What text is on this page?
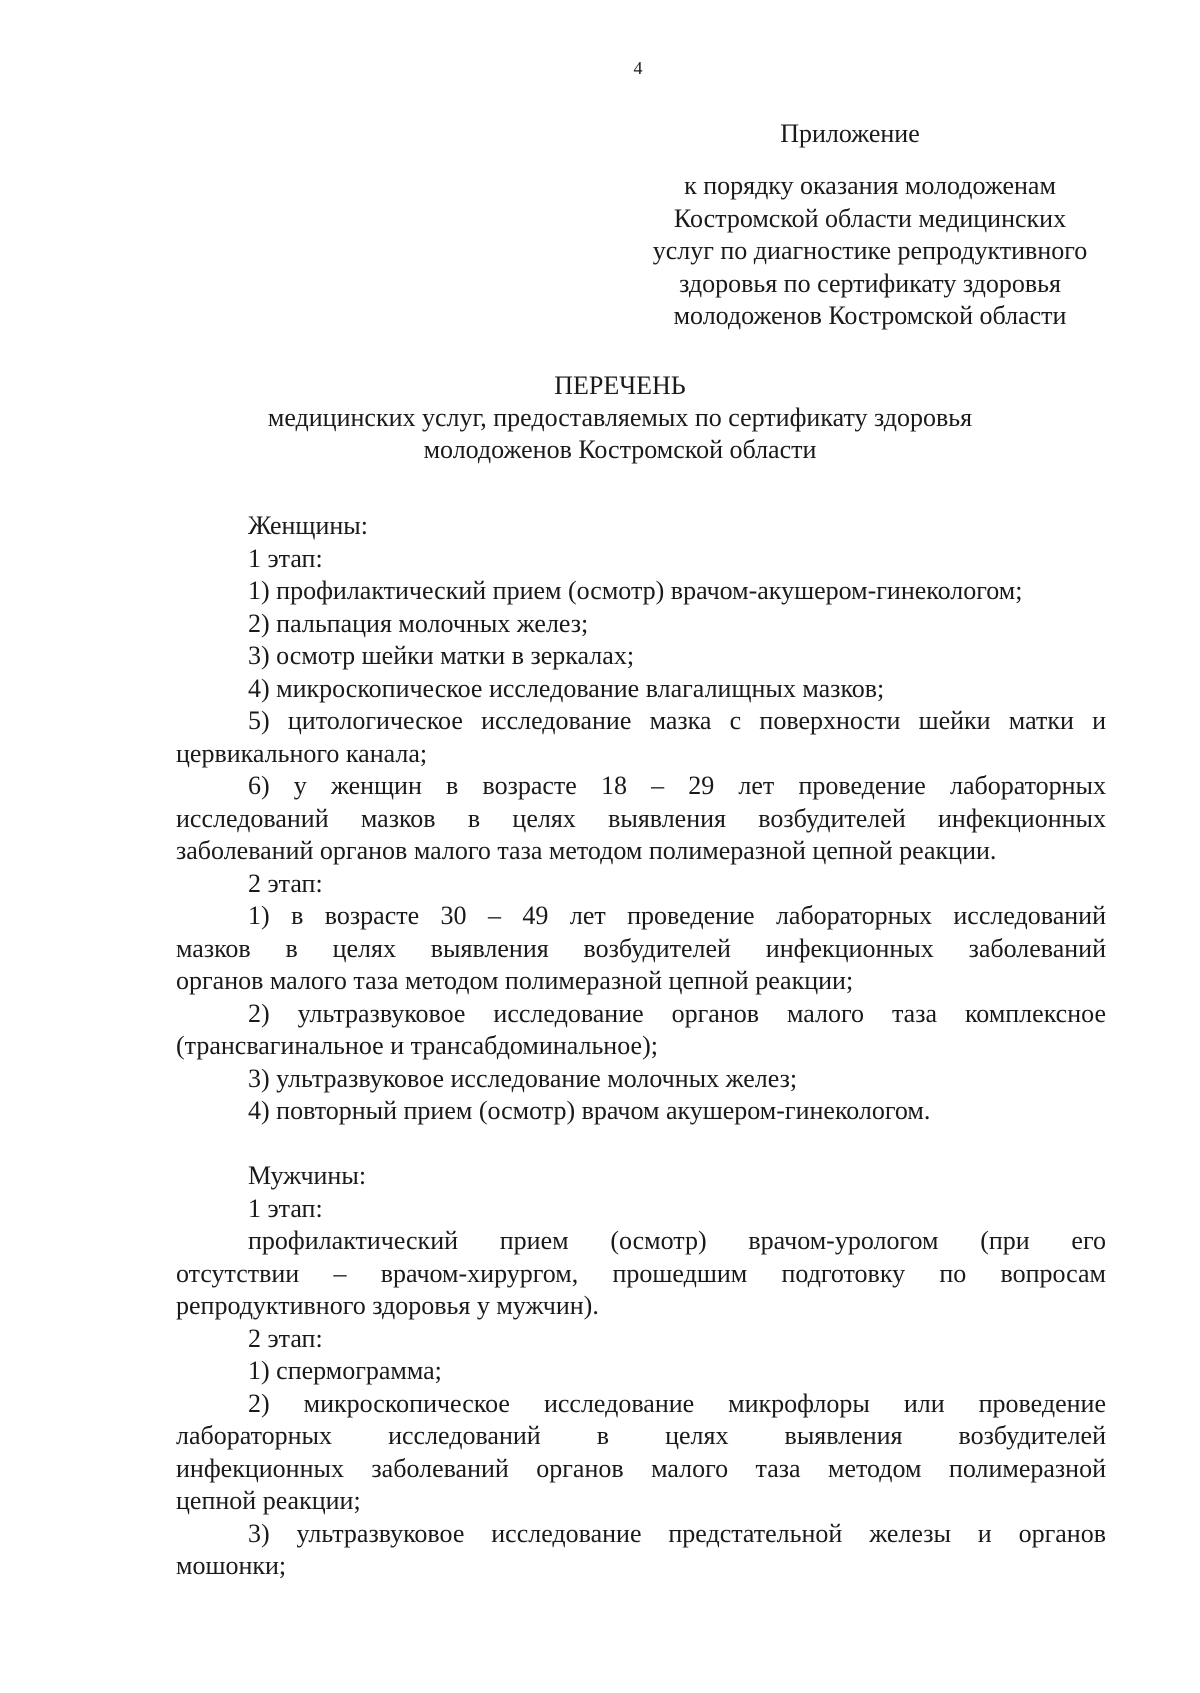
4
Приложение
к порядку оказания молодоженам
Костромской области медицинских
услуг по диагностике репродуктивного
здоровья по сертификату здоровья
молодоженов Костромской области
ПЕРЕЧЕНЬ
медицинских услуг, предоставляемых по сертификату здоровья
молодоженов Костромской области
Женщины:
1 этап:
1) профилактический прием (осмотр) врачом-акушером-гинекологом;
2) пальпация молочных желез;
3) осмотр шейки матки в зеркалах;
4) микроскопическое исследование влагалищных мазков;
5) цитологическое исследование мазка с поверхности шейки матки и
цервикального канала;
6) у женщин в возрасте 18 – 29 лет проведение лабораторных
исследований мазков в целях выявления возбудителей инфекционных
заболеваний органов малого таза методом полимеразной цепной реакции.
2 этап:
1) в возрасте 30 – 49 лет проведение лабораторных исследований
мазков в целях выявления возбудителей инфекционных заболеваний
органов малого таза методом полимеразной цепной реакции;
2) ультразвуковое исследование органов малого таза комплексное
(трансвагинальное и трансабдоминальное);
3) ультразвуковое исследование молочных желез;
4) повторный прием (осмотр) врачом акушером-гинекологом.
Мужчины:
1 этап:
профилактический прием (осмотр) врачом-урологом (при его
отсутствии – врачом-хирургом, прошедшим подготовку по вопросам
репродуктивного здоровья у мужчин).
2 этап:
1) спермограмма;
2) микроскопическое исследование микрофлоры или проведение
лабораторных исследований в целях выявления возбудителей
инфекционных заболеваний органов малого таза методом полимеразной
цепной реакции;
3) ультразвуковое исследование предстательной железы и органов
мошонки;
